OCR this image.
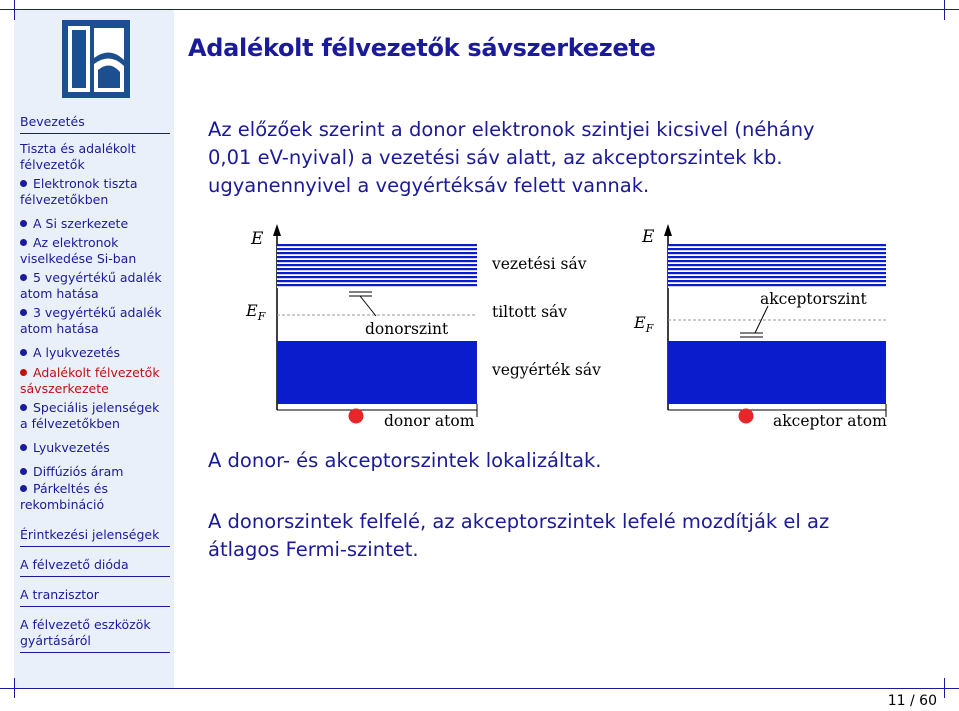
Adalékolt félvezetők sávszerkezete
Bevezetés
Tiszta és adalékolt
félvezetők
Elektronok tiszta
félvezetőkben
A Si szerkezete
Az elektronok
viselkedése Si-ban
5 vegyértékű adalék
atom hatása
3 vegyértékű adalék
atom hatása
A lyukvezetés
Adalékolt félvezetők
sávszerkezete
Speciális jelenségek
a félvezetőkben
Lyukvezetés
Diffúziós áram
Párkeltés és
rekombináció
Érintkezési jelenségek
A félvezető dióda
A tranzisztor
A félvezető eszközök
gyártásáról
Az előzőek szerint a donor elektronok szintjei kicsivel (néhány
0,01 eV-nyival) a vezetési sáv alatt, az akceptorszintek kb.
ugyanennyivel a vegyértéksáv felett vannak.
E
$E_F$
donorszint
donor atom
vezetési sáv
tiltott sáv
vegyérték sáv
E
$E_F$
akceptorszint
akceptor atom
A donor- és akceptorszintek lokalizáltak.
A donorszintek felfelé, az akceptorszintek lefelé mozdítják el az
átlagos Fermi-szintet.
11 / 60
